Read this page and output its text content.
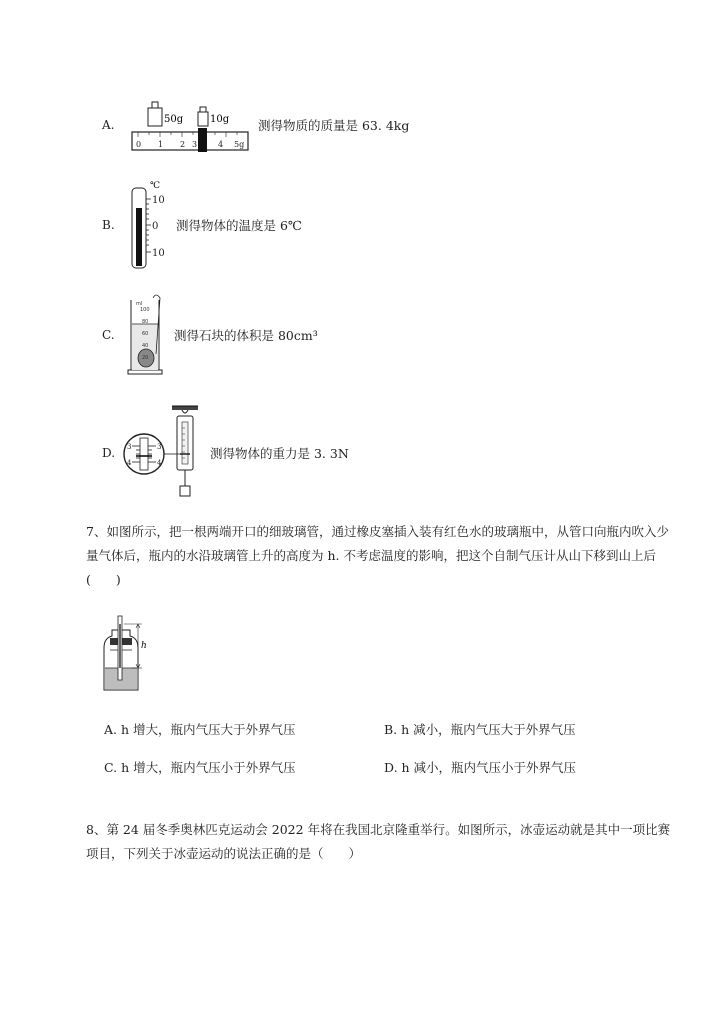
A.	50g	10g
0 1 2 3	4 5g
测得物质的质量是 63. 4kg
B.
℃
10
0
10
测得物体的温度是 6℃
C.
ml
100
80
60
40
20
测得石块的体积是 80cm³
D. 3
4
3
4
测得物体的重力是 3. 3N
7、如图所示，把一根两端开口的细玻璃管，通过橡皮塞插入装有红色水的玻璃瓶中，从管口向瓶内吹入少量气体后，瓶内的水沿玻璃管上升的高度为 h. 不考虑温度的影响，把这个自制气压计从山下移到山上后(　　)
h
A. h 增大，瓶内气压大于外界气压	B. h 减小，瓶内气压大于外界气压
C. h 增大，瓶内气压小于外界气压	D. h 减小，瓶内气压小于外界气压
8、第 24 届冬季奥林匹克运动会 2022 年将在我国北京隆重举行。如图所示，冰壶运动就是其中一项比赛项目，下列关于冰壶运动的说法正确的是（　　）
